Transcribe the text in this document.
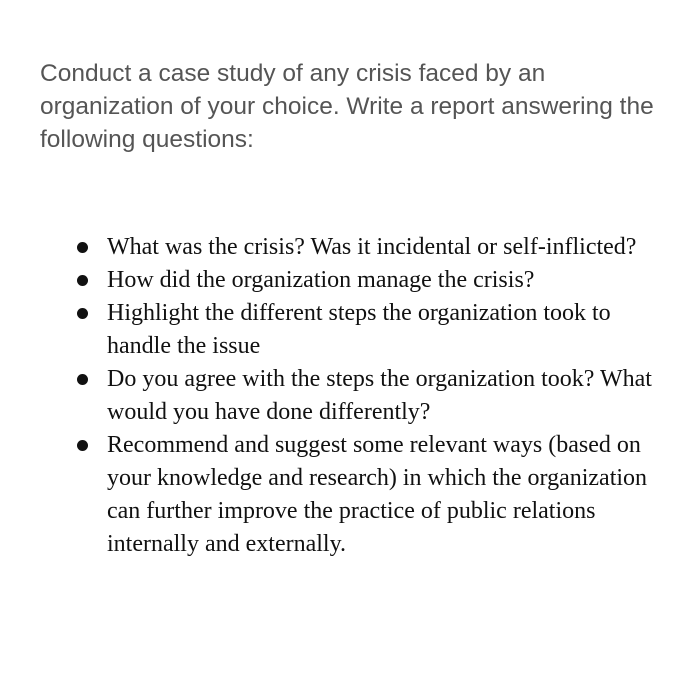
Conduct a case study of any crisis faced by an organization of your choice. Write a report answering the following questions:

What was the crisis? Was it incidental or self-inflicted?
How did the organization manage the crisis?
Highlight the different steps the organization took to handle the issue
Do you agree with the steps the organization took? What would you have done differently?
Recommend and suggest some relevant ways (based on your knowledge and research) in which the organization can further improve the practice of public relations internally and externally.
